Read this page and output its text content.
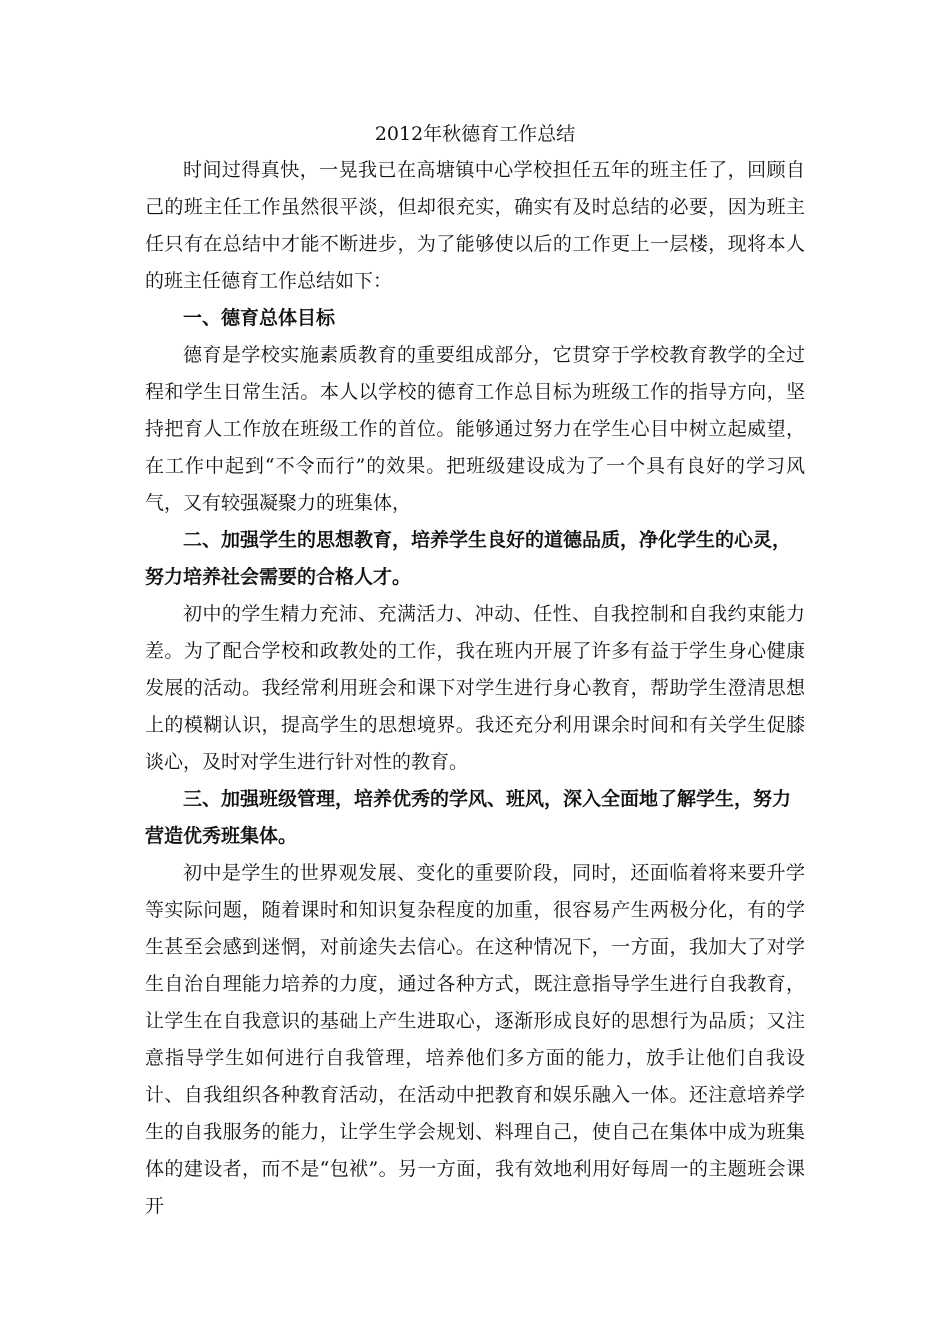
2012年秋德育工作总结

时间过得真快，一晃我已在高塘镇中心学校担任五年的班主任了，回顾自己的班主任工作虽然很平淡，但却很充实，确实有及时总结的必要，因为班主任只有在总结中才能不断进步，为了能够使以后的工作更上一层楼，现将本人的班主任德育工作总结如下：

一、德育总体目标

德育是学校实施素质教育的重要组成部分，它贯穿于学校教育教学的全过程和学生日常生活。本人以学校的德育工作总目标为班级工作的指导方向，坚持把育人工作放在班级工作的首位。能够通过努力在学生心目中树立起威望，在工作中起到“不令而行”的效果。把班级建设成为了一个具有良好的学习风气，又有较强凝聚力的班集体，

二、加强学生的思想教育，培养学生良好的道德品质，净化学生的心灵，努力培养社会需要的合格人才。

初中的学生精力充沛、充满活力、冲动、任性、自我控制和自我约束能力差。为了配合学校和政教处的工作，我在班内开展了许多有益于学生身心健康发展的活动。我经常利用班会和课下对学生进行身心教育，帮助学生澄清思想上的模糊认识，提高学生的思想境界。我还充分利用课余时间和有关学生促膝谈心，及时对学生进行针对性的教育。

三、加强班级管理，培养优秀的学风、班风，深入全面地了解学生，努力营造优秀班集体。

初中是学生的世界观发展、变化的重要阶段，同时，还面临着将来要升学等实际问题，随着课时和知识复杂程度的加重，很容易产生两极分化，有的学生甚至会感到迷惘，对前途失去信心。在这种情况下，一方面，我加大了对学生自治自理能力培养的力度，通过各种方式，既注意指导学生进行自我教育，让学生在自我意识的基础上产生进取心，逐渐形成良好的思想行为品质；又注意指导学生如何进行自我管理，培养他们多方面的能力，放手让他们自我设计、自我组织各种教育活动，在活动中把教育和娱乐融入一体。还注意培养学生的自我服务的能力，让学生学会规划、料理自己，使自己在集体中成为班集体的建设者，而不是“包袱”。另一方面，我有效地利用好每周一的主题班会课开
